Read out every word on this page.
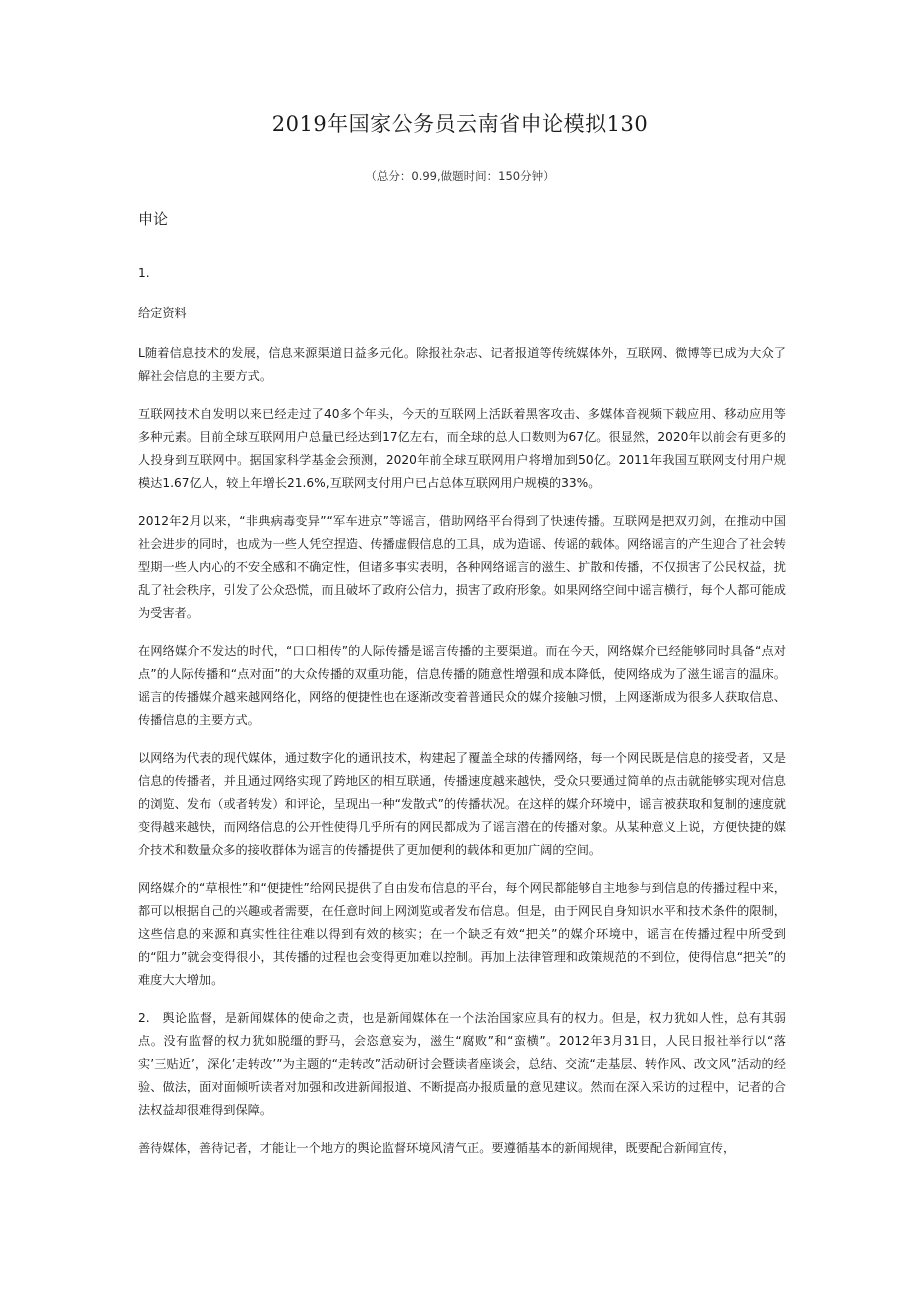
2019年国家公务员云南省申论模拟130
（总分：0.99,做题时间：150分钟）
申论

1.

给定资料

L随着信息技术的发展，信息来源渠道日益多元化。除报社杂志、记者报道等传统媒体外，互联网、微博等已成为大众了解社会信息的主要方式。

互联网技术自发明以来已经走过了40多个年头，今天的互联网上活跃着黑客攻击、多媒体音视频下载应用、移动应用等多种元素。目前全球互联网用户总量已经达到17亿左右，而全球的总人口数则为67亿。很显然，2020年以前会有更多的人投身到互联网中。据国家科学基金会预测，2020年前全球互联网用户将增加到50亿。2011年我国互联网支付用户规模达1.67亿人，较上年增长21.6%,互联网支付用户已占总体互联网用户规模的33%。

2012年2月以来，“非典病毒变异”“军车进京”等谣言，借助网络平台得到了快速传播。互联网是把双刃剑，在推动中国社会进步的同时，也成为一些人凭空捏造、传播虚假信息的工具，成为造谣、传谣的载体。网络谣言的产生迎合了社会转型期一些人内心的不安全感和不确定性，但诸多事实表明，各种网络谣言的滋生、扩散和传播，不仅损害了公民权益，扰乱了社会秩序，引发了公众恐慌，而且破坏了政府公信力，损害了政府形象。如果网络空间中谣言横行，每个人都可能成为受害者。

在网络媒介不发达的时代，“口口相传”的人际传播是谣言传播的主要渠道。而在今天，网络媒介已经能够同时具备“点对点”的人际传播和“点对面”的大众传播的双重功能，信息传播的随意性增强和成本降低，使网络成为了滋生谣言的温床。谣言的传播媒介越来越网络化，网络的便捷性也在逐渐改变着普通民众的媒介接触习惯，上网逐渐成为很多人获取信息、传播信息的主要方式。

以网络为代表的现代媒体，通过数字化的通讯技术，构建起了覆盖全球的传播网络，每一个网民既是信息的接受者，又是信息的传播者，并且通过网络实现了跨地区的相互联通，传播速度越来越快，受众只要通过简单的点击就能够实现对信息的浏览、发布（或者转发）和评论，呈现出一种“发散式”的传播状况。在这样的媒介环境中，谣言被获取和复制的速度就变得越来越快，而网络信息的公开性使得几乎所有的网民都成为了谣言潜在的传播对象。从某种意义上说，方便快捷的媒介技术和数量众多的接收群体为谣言的传播提供了更加便利的载体和更加广阔的空间。

网络媒介的“草根性”和“便捷性”给网民提供了自由发布信息的平台，每个网民都能够自主地参与到信息的传播过程中来，都可以根据自己的兴趣或者需要，在任意时间上网浏览或者发布信息。但是，由于网民自身知识水平和技术条件的限制，这些信息的来源和真实性往往难以得到有效的核实；在一个缺乏有效“把关”的媒介环境中，谣言在传播过程中所受到的“阻力”就会变得很小，其传播的过程也会变得更加难以控制。再加上法律管理和政策规范的不到位，使得信息“把关”的难度大大增加。

2.　舆论监督，是新闻媒体的使命之责，也是新闻媒体在一个法治国家应具有的权力。但是，权力犹如人性，总有其弱点。没有监督的权力犹如脱缰的野马，会恣意妄为，滋生“腐败”和“蛮横”。2012年3月31日，人民日报社举行以“落实’三贴近’，深化’走转改’”为主题的“走转改”活动研讨会暨读者座谈会，总结、交流“走基层、转作风、改文风”活动的经验、做法，面对面倾听读者对加强和改进新闻报道、不断提高办报质量的意见建议。然而在深入采访的过程中，记者的合法权益却很难得到保障。

善待媒体，善待记者，才能让一个地方的舆论监督环境风清气正。要遵循基本的新闻规律，既要配合新闻宣传，
